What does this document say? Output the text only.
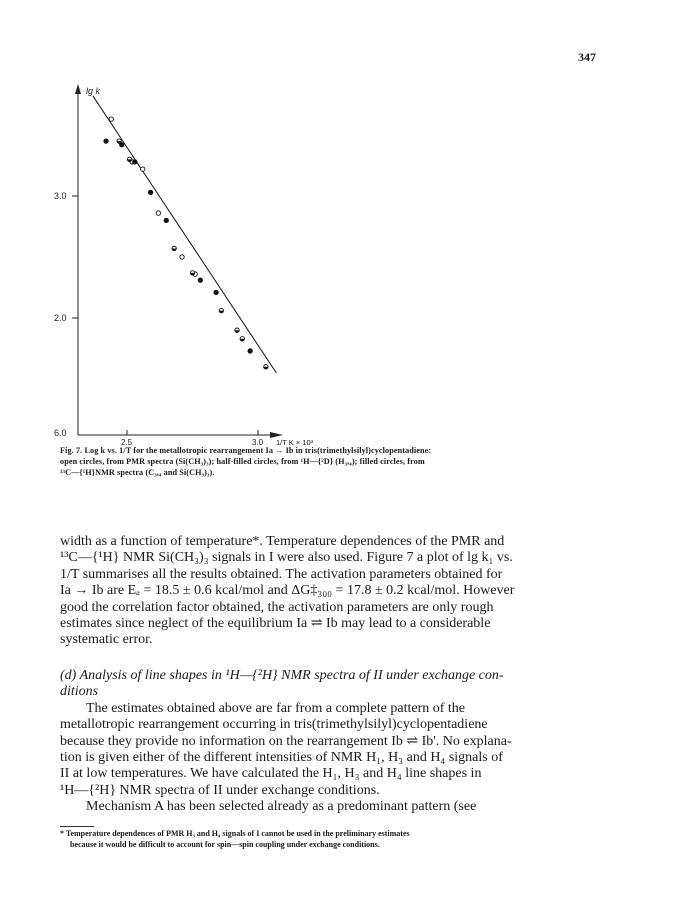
347
lg k
3.0
2.0
6.0
2.5	3.0 1/T K × 10³
Fig. 7. Log k vs. 1/T for the metallotropic rearrangement Ia → Ib in tris(trimethylsilyl)cyclopentadiene:
open circles, from PMR spectra (Si(CH₃)₃); half-filled circles, from ¹H—{²D} (H₃,₄); filled circles, from
¹³C—{¹H}NMR spectra (C₃,₄ and Si(CH₃)₃).
width as a function of temperature*. Temperature dependences of the PMR and
¹³C—{¹H} NMR Si(CH₃)₃ signals in I were also used. Figure 7 a plot of lg k₁ vs.
1/T summarises all the results obtained. The activation parameters obtained for
Ia → Ib are Eₐ = 18.5 ± 0.6 kcal/mol and ΔG‡₃₀₀ = 17.8 ± 0.2 kcal/mol. However
good the correlation factor obtained, the activation parameters are only rough
estimates since neglect of the equilibrium Ia ⇌ Ib may lead to a considerable
systematic error.
(d) Analysis of line shapes in ¹H—{²H} NMR spectra of II under exchange con-
ditions
The estimates obtained above are far from a complete pattern of the
metallotropic rearrangement occurring in tris(trimethylsilyl)cyclopentadiene
because they provide no information on the rearrangement Ib ⇌ Ib'. No explana-
tion is given either of the different intensities of NMR H₁, H₃ and H₄ signals of
II at low temperatures. We have calculated the H₁, H₃ and H₄ line shapes in
¹H—{²H} NMR spectra of II under exchange conditions.
Mechanism A has been selected already as a predominant pattern (see
* Temperature dependences of PMR H₃ and H₄ signals of I cannot be used in the preliminary estimates
because it would be difficult to account for spin—spin coupling under exchange conditions.
